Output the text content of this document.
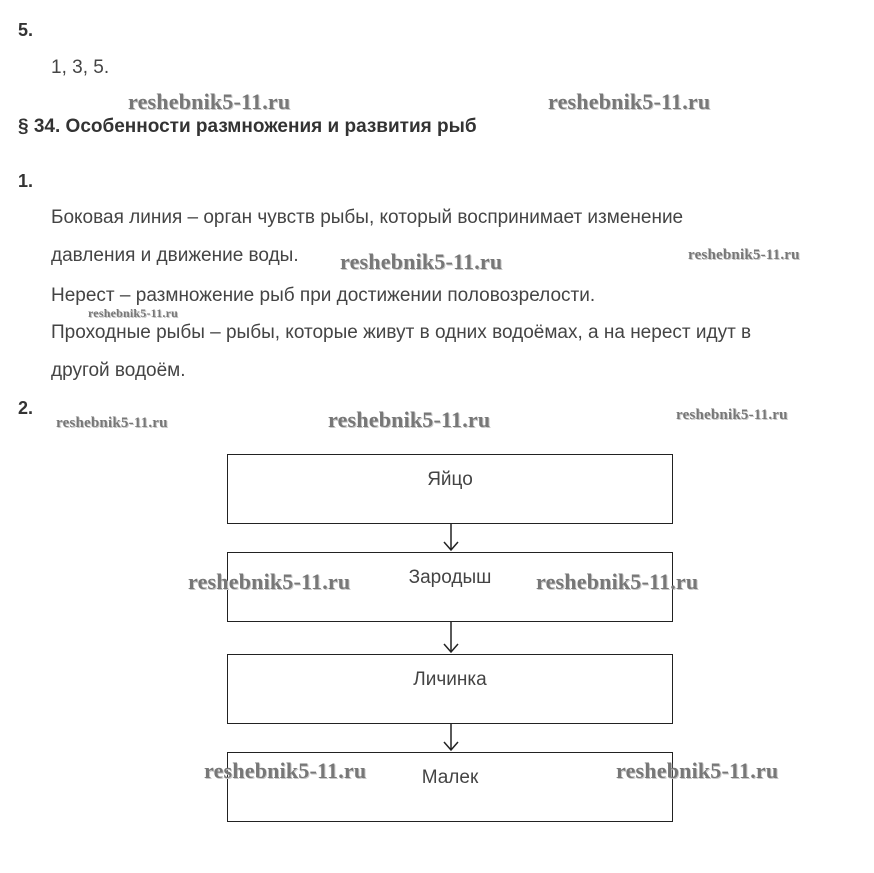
5.
1, 3, 5.
reshebnik5-11.ru	reshebnik5-11.ru
§ 34. Особенности размножения и развития рыб
1.
Боковая линия – орган чувств рыбы, который воспринимает изменение
давления и движение воды. reshebnik5-11.ru	reshebnik5-11.ru
Нерест – размножение рыб при достижении половозрелости.
reshebnik5-11.ru
Проходные рыбы – рыбы, которые живут в одних водоёмах, а на нерест идут в
другой водоём.
2.
reshebnik5-11.ru	reshebnik5-11.ru	reshebnik5-11.ru
Яйцо
Зародыш
reshebnik5-11.ru	reshebnik5-11.ru
Личинка
Малек
reshebnik5-11.ru	reshebnik5-11.ru
